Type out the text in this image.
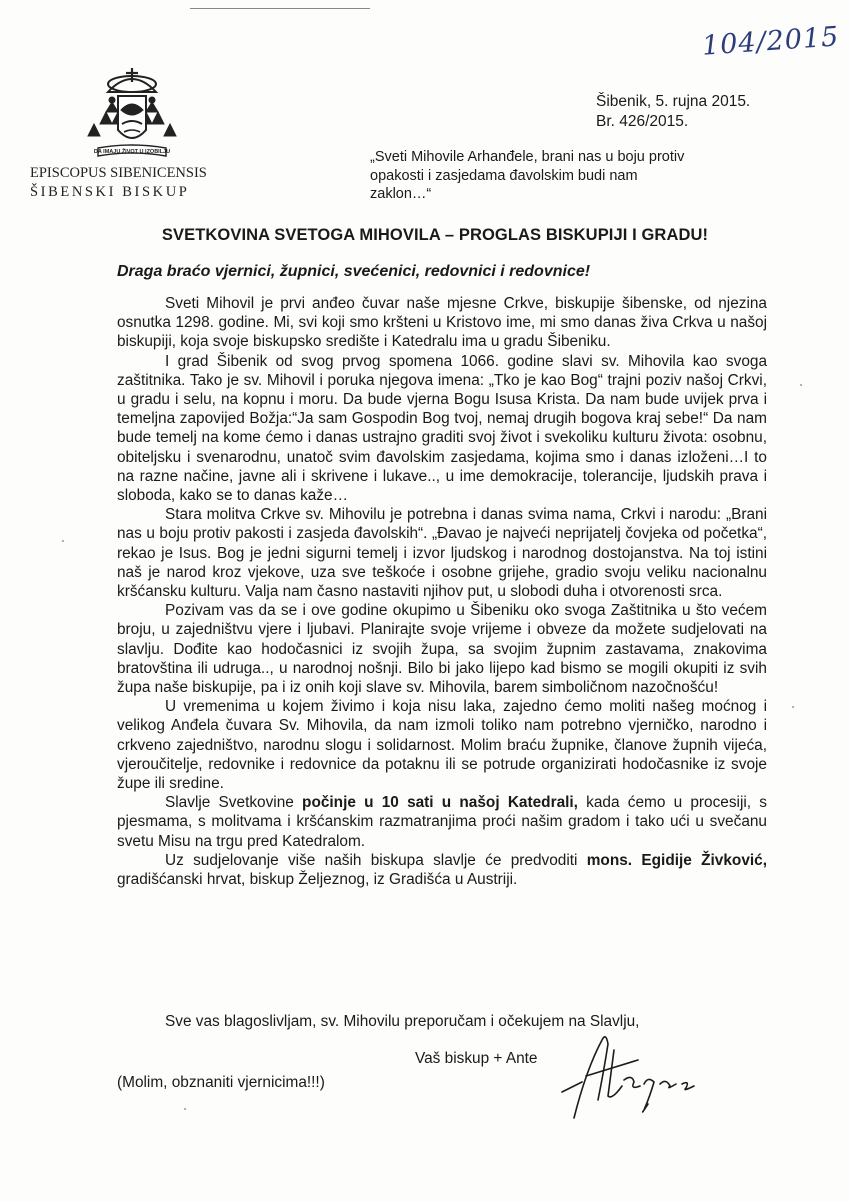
104/2015
DA IMAJU ŽIVOT U IZOBILJU
EPISCOPUS SIBENICENSIS
ŠIBENSKI BISKUP
Šibenik, 5. rujna 2015.
Br. 426/2015.
„Sveti Mihovile Arhanđele, brani nas u boju protiv opakosti i zasjedama đavolskim budi nam zaklon…“
SVETKOVINA SVETOGA MIHOVILA – PROGLAS BISKUPIJI I GRADU!
Draga braćo vjernici, župnici, svećenici, redovnici i redovnice!

Sveti Mihovil je prvi anđeo čuvar naše mjesne Crkve, biskupije šibenske, od njezina osnutka 1298. godine. Mi, svi koji smo kršteni u Kristovo ime, mi smo danas živa Crkva u našoj biskupiji, koja svoje biskupsko središte i Katedralu ima u gradu Šibeniku.

I grad Šibenik od svog prvog spomena 1066. godine slavi sv. Mihovila kao svoga zaštitnika. Tako je sv. Mihovil i poruka njegova imena: „Tko je kao Bog“ trajni poziv našoj Crkvi, u gradu i selu, na kopnu i moru. Da bude vjerna Bogu Isusa Krista. Da nam bude uvijek prva i temeljna zapovijed Božja:“Ja sam Gospodin Bog tvoj, nemaj drugih bogova kraj sebe!“ Da nam bude temelj na kome ćemo i danas ustrajno graditi svoj život i svekoliku kulturu života: osobnu, obiteljsku i svenarodnu, unatoč svim đavolskim zasjedama, kojima smo i danas izloženi…I to na razne načine, javne ali i skrivene i lukave.., u ime demokracije, tolerancije, ljudskih prava i sloboda, kako se to danas kaže…

Stara molitva Crkve sv. Mihovilu je potrebna i danas svima nama, Crkvi i narodu: „Brani nas u boju protiv pakosti i zasjeda đavolskih“. „Đavao je najveći neprijatelj čovjeka od početka“, rekao je Isus. Bog je jedni sigurni temelj i izvor ljudskog i narodnog dostojanstva. Na toj istini naš je narod kroz vjekove, uza sve teškoće i osobne grijehe, gradio svoju veliku nacionalnu kršćansku kulturu. Valja nam časno nastaviti njihov put, u slobodi duha i otvorenosti srca.

Pozivam vas da se i ove godine okupimo u Šibeniku oko svoga Zaštitnika u što većem broju, u zajedništvu vjere i ljubavi. Planirajte svoje vrijeme i obveze da možete sudjelovati na slavlju. Dođite kao hodočasnici iz svojih župa, sa svojim župnim zastavama, znakovima bratovština ili udruga.., u narodnoj nošnji. Bilo bi jako lijepo kad bismo se mogili okupiti iz svih župa naše biskupije, pa i iz onih koji slave sv. Mihovila, barem simboličnom nazočnošću!

U vremenima u kojem živimo i koja nisu laka, zajedno ćemo moliti našeg moćnog i velikog Anđela čuvara Sv. Mihovila, da nam izmoli toliko nam potrebno vjerničko, narodno i crkveno zajedništvo, narodnu slogu i solidarnost. Molim braću župnike, članove župnih vijeća, vjeroučitelje, redovnike i redovnice da potaknu ili se potrude organizirati hodočasnike iz svoje župe ili sredine.

Slavlje Svetkovine počinje u 10 sati u našoj Katedrali, kada ćemo u procesiji, s pjesmama, s molitvama i kršćanskim razmatranjima proći našim gradom i tako ući u svečanu svetu Misu na trgu pred Katedralom.

Uz sudjelovanje više naših biskupa slavlje će predvoditi mons. Egidije Živković, gradišćanski hrvat, biskup Željeznog, iz Gradišća u Austriji.

Sve vas blagoslivljam, sv. Mihovilu preporučam i očekujem na Slavlju,
Vaš biskup + Ante
(Molim, obznaniti vjernicima!!!)
